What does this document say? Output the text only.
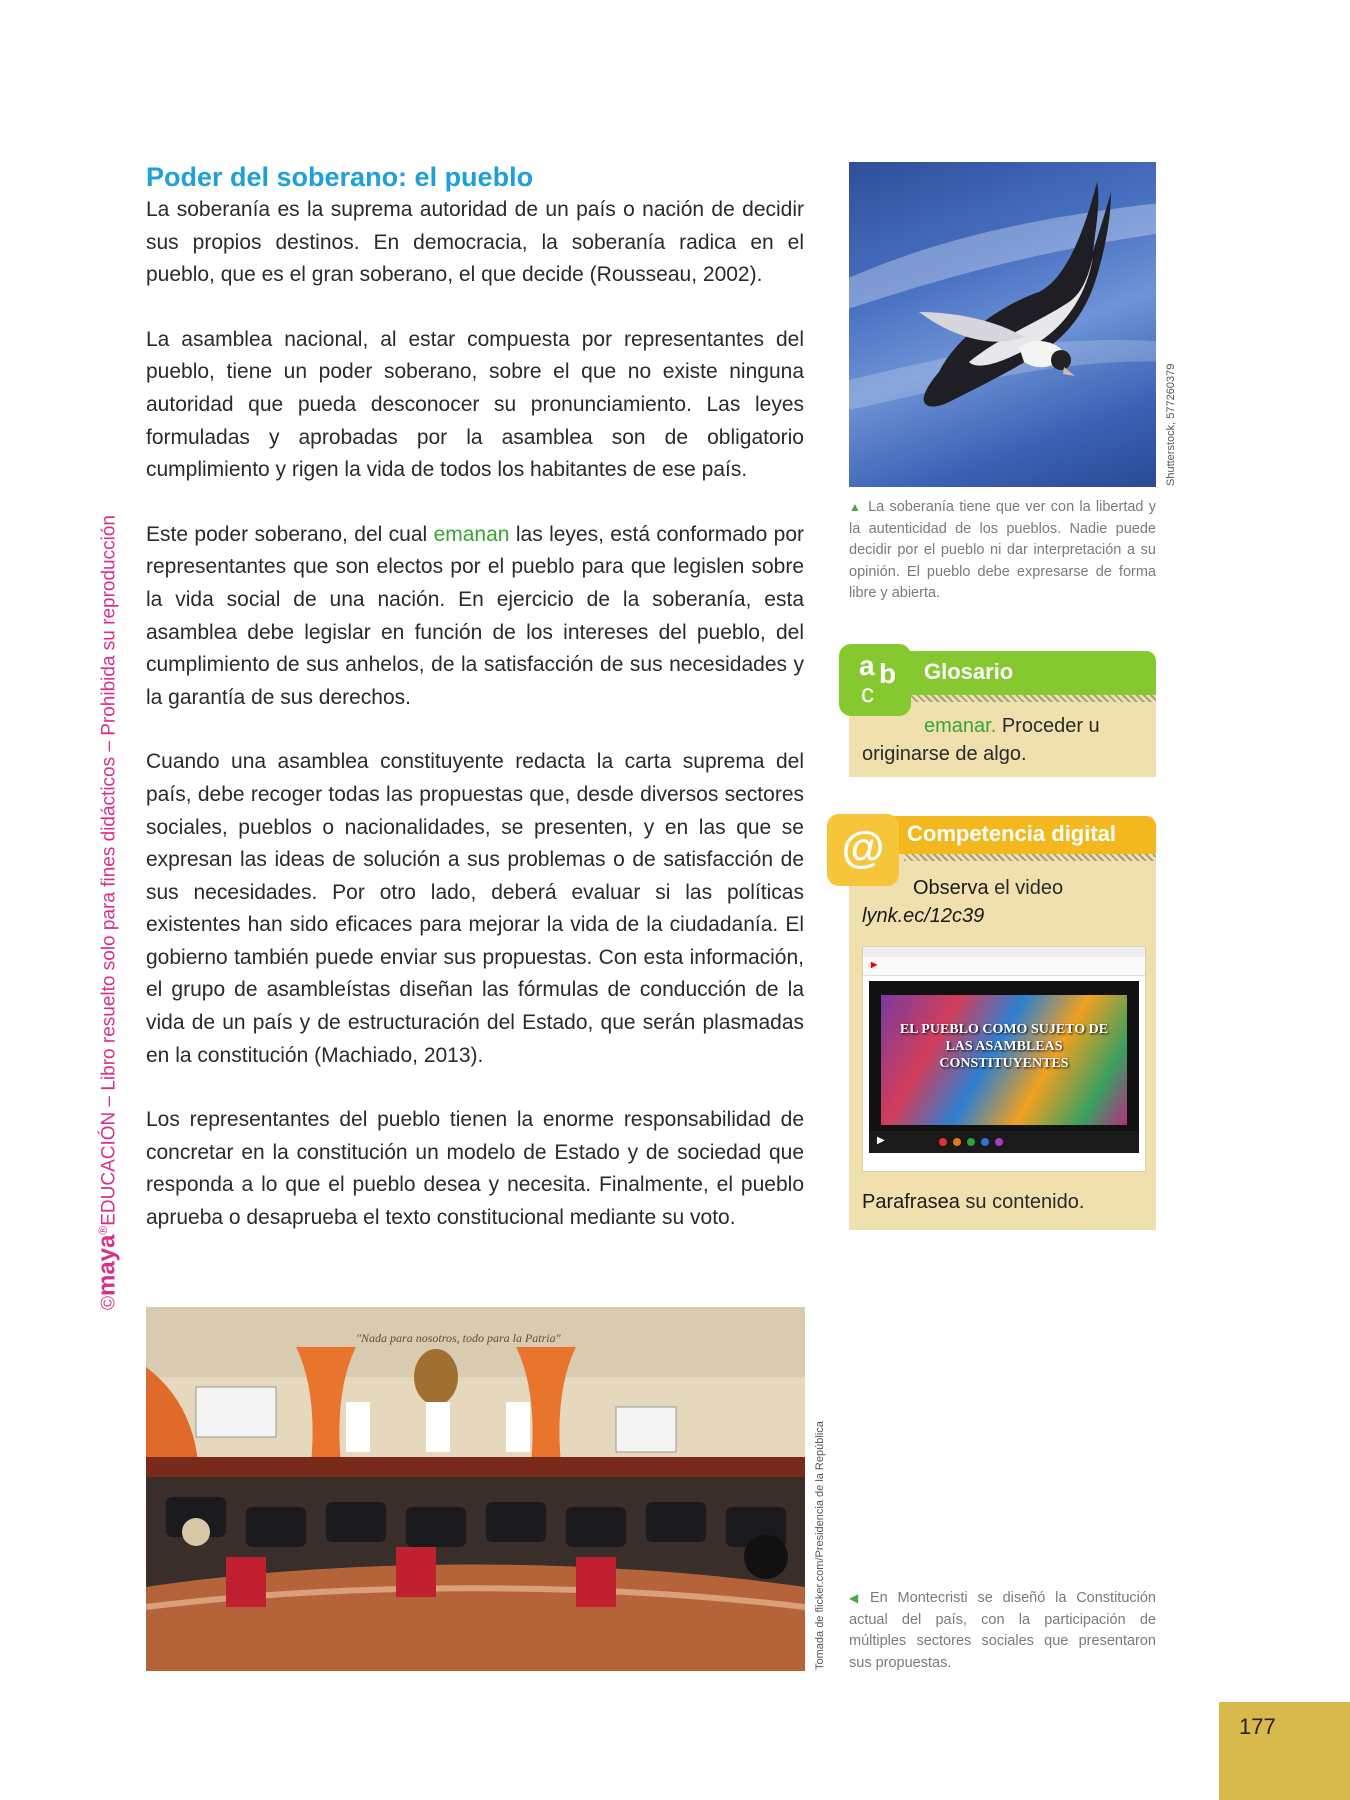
©maya®EDUCACIÓN – Libro resuelto solo para fines didácticos – Prohibida su reproducción
Poder del soberano: el pueblo

La soberanía es la suprema autoridad de un país o nación de decidir sus propios destinos. En democracia, la soberanía radica en el pueblo, que es el gran soberano, el que decide (Rousseau, 2002).

La asamblea nacional, al estar compuesta por representantes del pueblo, tiene un poder soberano, sobre el que no existe ninguna autoridad que pueda desconocer su pronunciamiento. Las leyes formuladas y aprobadas por la asamblea son de obligatorio cumplimiento y rigen la vida de todos los habitantes de ese país.

Este poder soberano, del cual emanan las leyes, está conformado por representantes que son electos por el pueblo para que legislen sobre la vida social de una nación. En ejercicio de la soberanía, esta asamblea debe legislar en función de los intereses del pueblo, del cumplimiento de sus anhelos, de la satisfacción de sus necesidades y la garantía de sus derechos.

Cuando una asamblea constituyente redacta la carta suprema del país, debe recoger todas las propuestas que, desde diversos sectores sociales, pueblos o nacionalidades, se presenten, y en las que se expresan las ideas de solución a sus problemas o de satisfacción de sus necesidades. Por otro lado, deberá evaluar si las políticas existentes han sido eficaces para mejorar la vida de la ciudadanía. El gobierno también puede enviar sus propuestas. Con esta información, el grupo de asambleístas diseñan las fórmulas de conducción de la vida de un país y de estructuración del Estado, que serán plasmadas en la constitución (Machiado, 2013).

Los representantes del pueblo tienen la enorme responsabilidad de concretar en la constitución un modelo de Estado y de sociedad que responda a lo que el pueblo desea y necesita. Finalmente, el pueblo aprueba o desaprueba el texto constitucional mediante su voto.

Shutterstock, 577260379
▲ La soberanía tiene que ver con la libertad y la autenticidad de los pueblos. Nadie puede decidir por el pueblo ni dar interpretación a su opinión. El pueblo debe expresarse de forma libre y abierta.
Glosario
a b
c
emanar. Proceder u originarse de algo.
Competencia digital
@
Observa el video
lynk.ec/12c39
▶
EL PUEBLO COMO SUJETO DE LAS ASAMBLEAS CONSTITUYENTES
▶
Parafrasea su contenido.
"Nada para nosotros, todo para la Patria"
Tomada de flicker.com/Presidencia de la República ◀ En Montecristi se diseñó la Constitución actual del país, con la participación de múltiples sectores sociales que presentaron sus propuestas.
177
